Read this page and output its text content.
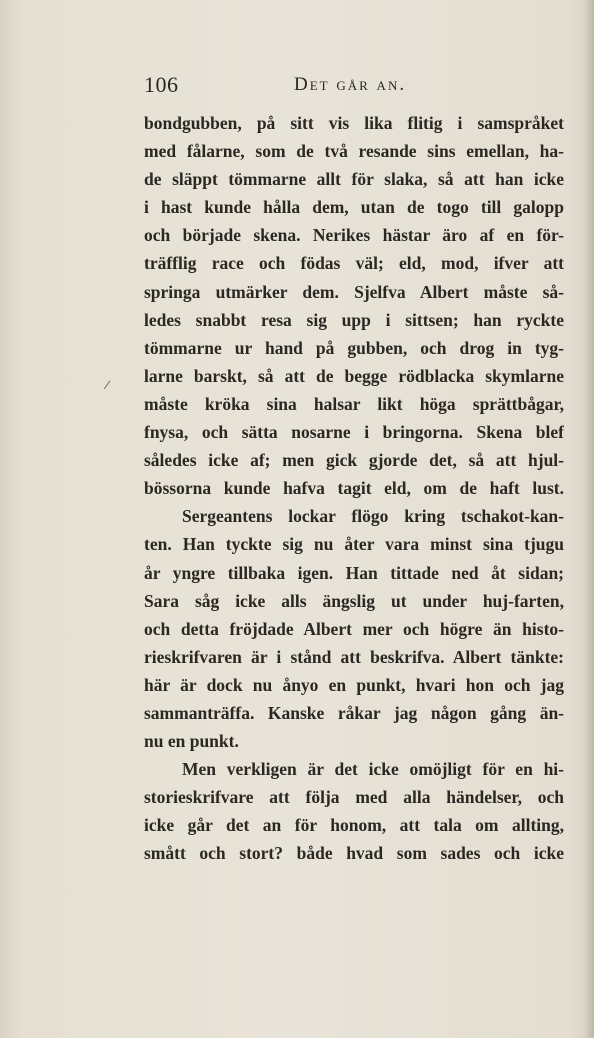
106	Det går an.
bondgubben, på sitt vis lika flitig i samspråket
med fålarne, som de två resande sins emellan, ha-
de släppt tömmarne allt för slaka, så att han icke
i hast kunde hålla dem, utan de togo till galopp
och började skena. Nerikes hästar äro af en för-
träfflig race och födas väl; eld, mod, ifver att
springa utmärker dem. Sjelfva Albert måste så-
ledes snabbt resa sig upp i sittsen; han ryckte
tömmarne ur hand på gubben, och drog in tyg-
larne barskt, så att de begge rödblacka skymlarne
måste kröka sina halsar likt höga sprättbågar,
fnysa, och sätta nosarne i bringorna. Skena blef
således icke af; men gick gjorde det, så att hjul-
bössorna kunde hafva tagit eld, om de haft lust.
Sergeantens lockar flögo kring tschakot-kan-
ten. Han tyckte sig nu åter vara minst sina tjugu
år yngre tillbaka igen. Han tittade ned åt sidan;
Sara såg icke alls ängslig ut under huj-farten,
och detta fröjdade Albert mer och högre än histo-
rieskrifvaren är i stånd att beskrifva. Albert tänkte:
här är dock nu ånyo en punkt, hvari hon och jag
sammanträffa. Kanske råkar jag någon gång än-
nu en punkt.
Men verkligen är det icke omöjligt för en hi-
storieskrifvare att följa med alla händelser, och
icke går det an för honom, att tala om allting,
smått och stort? både hvad som sades och icke
